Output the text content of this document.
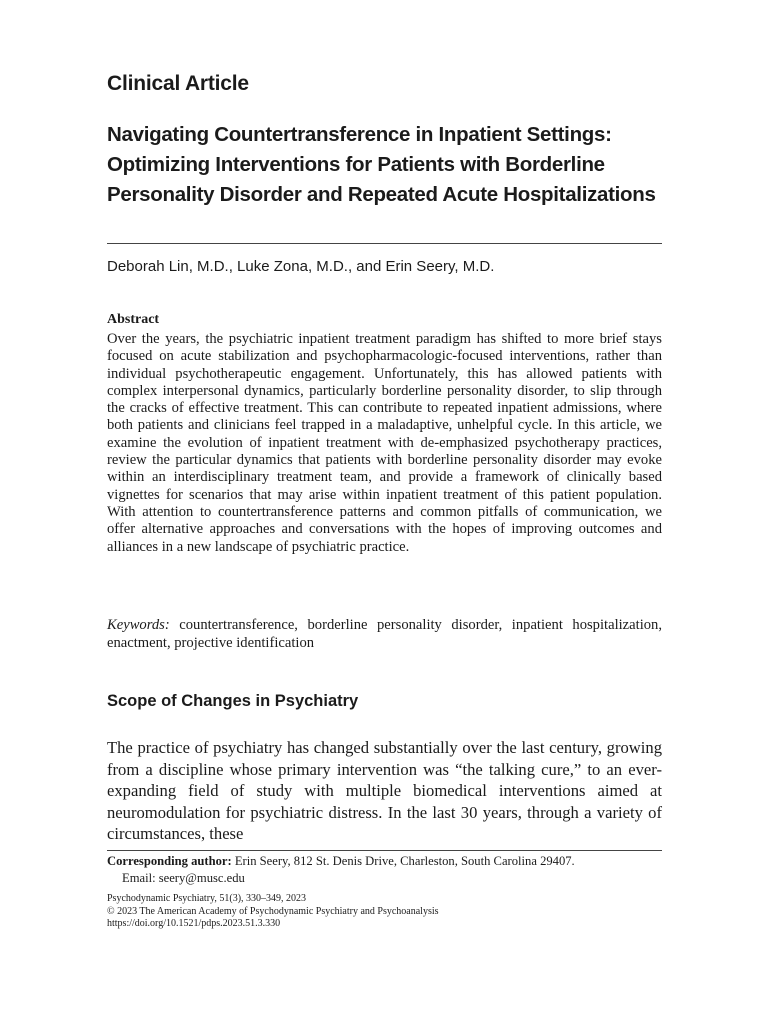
Clinical Article
Navigating Countertransference in Inpatient Settings: Optimizing Interventions for Patients with Borderline Personality Disorder and Repeated Acute Hospitalizations

Deborah Lin, M.D., Luke Zona, M.D., and Erin Seery, M.D.

Abstract

Over the years, the psychiatric inpatient treatment paradigm has shifted to more brief stays focused on acute stabilization and psychopharmacologic-focused interventions, rather than individual psychotherapeutic engagement. Unfortunately, this has allowed patients with complex interpersonal dynamics, particularly borderline personality disorder, to slip through the cracks of effective treatment. This can contribute to repeated inpatient admissions, where both patients and clinicians feel trapped in a maladaptive, unhelpful cycle. In this article, we examine the evolution of inpatient treatment with de-emphasized psychotherapy practices, review the particular dynamics that patients with borderline personality disorder may evoke within an interdisciplinary treatment team, and provide a framework of clinically based vignettes for scenarios that may arise within inpatient treatment of this patient population. With attention to countertransference patterns and common pitfalls of communication, we offer alternative approaches and conversations with the hopes of improving outcomes and alliances in a new landscape of psychiatric practice.

Keywords: countertransference, borderline personality disorder, inpatient hospitalization, enactment, projective identification

Scope of Changes in Psychiatry

The practice of psychiatry has changed substantially over the last century, growing from a discipline whose primary intervention was “the talking cure,” to an ever-expanding field of study with multiple biomedical interventions aimed at neuromodulation for psychiatric distress. In the last 30 years, through a variety of circumstances, these

Corresponding author: Erin Seery, 812 St. Denis Drive, Charleston, South Carolina 29407.
Email: seery@musc.edu

Psychodynamic Psychiatry, 51(3), 330–349, 2023
© 2023 The American Academy of Psychodynamic Psychiatry and Psychoanalysis
https://doi.org/10.1521/pdps.2023.51.3.330
